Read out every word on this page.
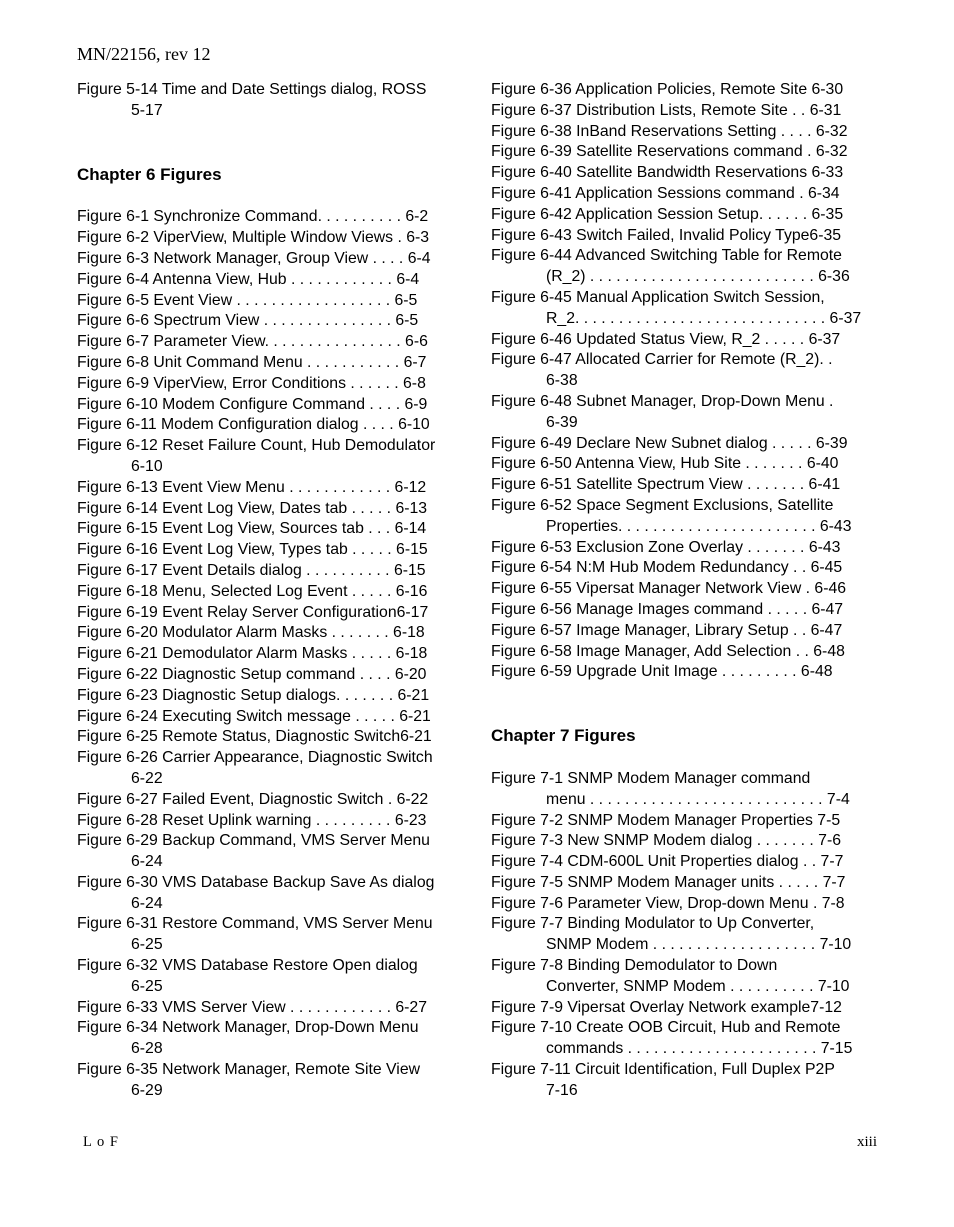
MN/22156, rev 12
Figure 5-14 Time and Date Settings dialog, ROSS
5-17
Chapter 6 Figures
Figure 6-1 Synchronize Command. . . . . . . . . . 6-2
Figure 6-2 ViperView, Multiple Window Views . 6-3
Figure 6-3 Network Manager, Group View . . . . 6-4
Figure 6-4 Antenna View, Hub . . . . . . . . . . . . 6-4
Figure 6-5 Event View . . . . . . . . . . . . . . . . . . 6-5
Figure 6-6 Spectrum View . . . . . . . . . . . . . . . 6-5
Figure 6-7 Parameter View. . . . . . . . . . . . . . . . 6-6
Figure 6-8 Unit Command Menu . . . . . . . . . . . 6-7
Figure 6-9 ViperView, Error Conditions . . . . . . 6-8
Figure 6-10 Modem Configure Command . . . . 6-9
Figure 6-11 Modem Configuration dialog . . . . 6-10
Figure 6-12 Reset Failure Count, Hub Demodulator
6-10
Figure 6-13 Event View Menu . . . . . . . . . . . . 6-12
Figure 6-14 Event Log View, Dates tab . . . . . 6-13
Figure 6-15 Event Log View, Sources tab . . . 6-14
Figure 6-16 Event Log View, Types tab . . . . . 6-15
Figure 6-17 Event Details dialog . . . . . . . . . . 6-15
Figure 6-18 Menu, Selected Log Event . . . . . 6-16
Figure 6-19 Event Relay Server Configuration6-17
Figure 6-20 Modulator Alarm Masks . . . . . . . 6-18
Figure 6-21 Demodulator Alarm Masks . . . . . 6-18
Figure 6-22 Diagnostic Setup command . . . . 6-20
Figure 6-23 Diagnostic Setup dialogs. . . . . . . 6-21
Figure 6-24 Executing Switch message . . . . . 6-21
Figure 6-25 Remote Status, Diagnostic Switch6-21
Figure 6-26 Carrier Appearance, Diagnostic Switch
6-22
Figure 6-27 Failed Event, Diagnostic Switch . 6-22
Figure 6-28 Reset Uplink warning . . . . . . . . . 6-23
Figure 6-29 Backup Command, VMS Server Menu
6-24
Figure 6-30 VMS Database Backup Save As dialog
6-24
Figure 6-31 Restore Command, VMS Server Menu
6-25
Figure 6-32 VMS Database Restore Open dialog
6-25
Figure 6-33 VMS Server View . . . . . . . . . . . . 6-27
Figure 6-34 Network Manager, Drop-Down Menu
6-28
Figure 6-35 Network Manager, Remote Site View
6-29
Figure 6-36 Application Policies, Remote Site 6-30
Figure 6-37 Distribution Lists, Remote Site . . 6-31
Figure 6-38 InBand Reservations Setting . . . . 6-32
Figure 6-39 Satellite Reservations command . 6-32
Figure 6-40 Satellite Bandwidth Reservations 6-33
Figure 6-41 Application Sessions command . 6-34
Figure 6-42 Application Session Setup. . . . . . 6-35
Figure 6-43 Switch Failed, Invalid Policy Type6-35
Figure 6-44 Advanced Switching Table for Remote
(R_2) . . . . . . . . . . . . . . . . . . . . . . . . . . 6-36
Figure 6-45 Manual Application Switch Session,
R_2. . . . . . . . . . . . . . . . . . . . . . . . . . . . . 6-37
Figure 6-46 Updated Status View, R_2 . . . . . 6-37
Figure 6-47 Allocated Carrier for Remote (R_2). .
6-38
Figure 6-48 Subnet Manager, Drop-Down Menu .
6-39
Figure 6-49 Declare New Subnet dialog . . . . . 6-39
Figure 6-50 Antenna View, Hub Site . . . . . . . 6-40
Figure 6-51 Satellite Spectrum View . . . . . . . 6-41
Figure 6-52 Space Segment Exclusions, Satellite
Properties. . . . . . . . . . . . . . . . . . . . . . . 6-43
Figure 6-53 Exclusion Zone Overlay . . . . . . . 6-43
Figure 6-54 N:M Hub Modem Redundancy . . 6-45
Figure 6-55 Vipersat Manager Network View . 6-46
Figure 6-56 Manage Images command . . . . . 6-47
Figure 6-57 Image Manager, Library Setup . . 6-47
Figure 6-58 Image Manager, Add Selection . . 6-48
Figure 6-59 Upgrade Unit Image . . . . . . . . . 6-48
Chapter 7 Figures
Figure 7-1 SNMP Modem Manager command
menu . . . . . . . . . . . . . . . . . . . . . . . . . . . 7-4
Figure 7-2 SNMP Modem Manager Properties 7-5
Figure 7-3 New SNMP Modem dialog . . . . . . . 7-6
Figure 7-4 CDM-600L Unit Properties dialog . . 7-7
Figure 7-5 SNMP Modem Manager units . . . . . 7-7
Figure 7-6 Parameter View, Drop-down Menu . 7-8
Figure 7-7 Binding Modulator to Up Converter,
SNMP Modem . . . . . . . . . . . . . . . . . . . 7-10
Figure 7-8 Binding Demodulator to Down
Converter, SNMP Modem . . . . . . . . . . 7-10
Figure 7-9 Vipersat Overlay Network example7-12
Figure 7-10 Create OOB Circuit, Hub and Remote
commands . . . . . . . . . . . . . . . . . . . . . . 7-15
Figure 7-11 Circuit Identification, Full Duplex P2P
7-16
L o F	xiii
